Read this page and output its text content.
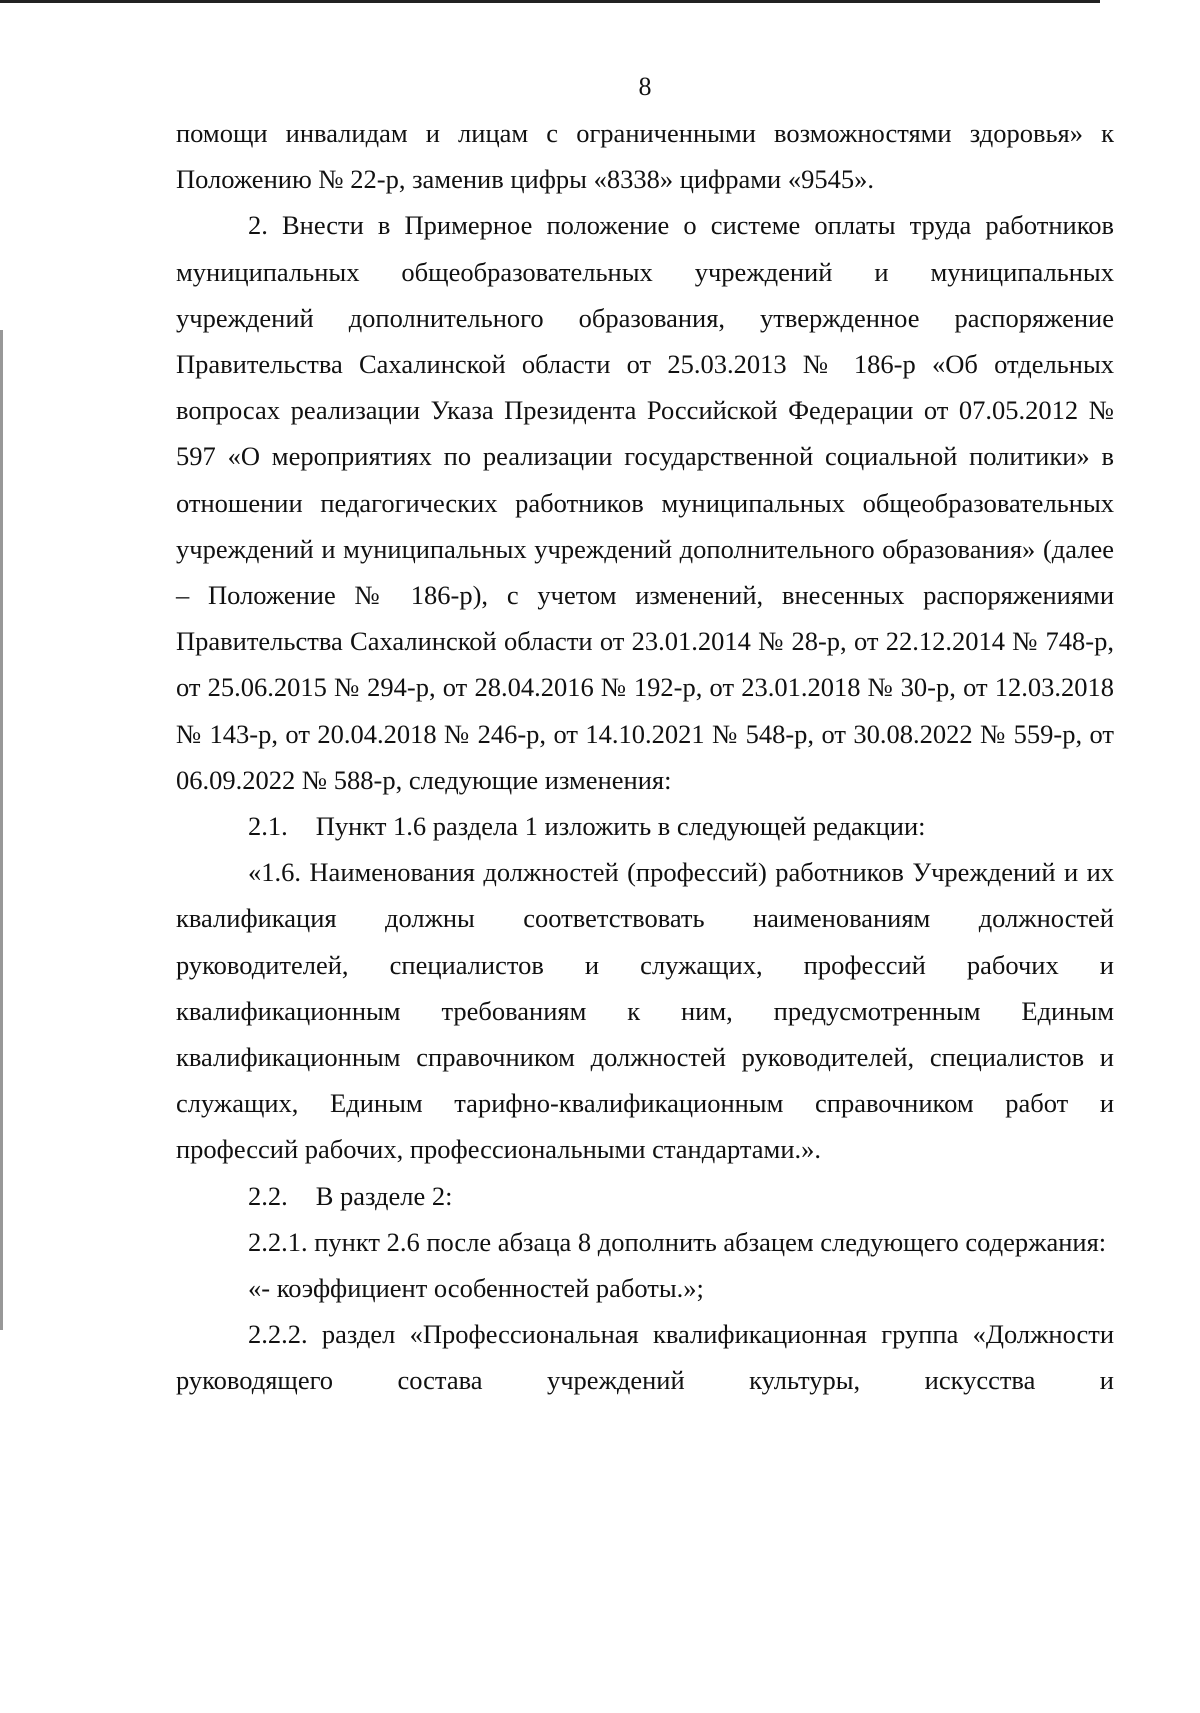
8

помощи инвалидам и лицам с ограниченными возможностями здоровья» к Положению № 22-р, заменив цифры «8338» цифрами «9545».

2. Внести в Примерное положение о системе оплаты труда работников муниципальных общеобразовательных учреждений и муниципальных учреждений дополнительного образования, утвержденное распоряжение Правительства Сахалинской области от 25.03.2013 № 186-р «Об отдельных вопросах реализации Указа Президента Российской Федерации от 07.05.2012 № 597 «О мероприятиях по реализации государственной социальной политики» в отношении педагогических работников муниципальных общеобразовательных учреждений и муниципальных учреждений дополнительного образования» (далее – Положение № 186-р), с учетом изменений, внесенных распоряжениями Правительства Сахалинской области от 23.01.2014 № 28-р, от 22.12.2014 № 748-р, от 25.06.2015 № 294-р, от 28.04.2016 № 192-р, от 23.01.2018 № 30-р, от 12.03.2018 № 143-р, от 20.04.2018 № 246-р, от 14.10.2021 № 548-р, от 30.08.2022 № 559-р, от 06.09.2022 № 588-р, следующие изменения:

2.1. Пункт 1.6 раздела 1 изложить в следующей редакции:

«1.6. Наименования должностей (профессий) работников Учреждений и их квалификация должны соответствовать наименованиям должностей руководителей, специалистов и служащих, профессий рабочих и квалификационным требованиям к ним, предусмотренным Единым квалификационным справочником должностей руководителей, специалистов и служащих, Единым тарифно-квалификационным справочником работ и профессий рабочих, профессиональными стандартами.».

2.2. В разделе 2:

2.2.1. пункт 2.6 после абзаца 8 дополнить абзацем следующего содержания:

«- коэффициент особенностей работы.»;

2.2.2. раздел «Профессиональная квалификационная группа «Должности руководящего состава учреждений культуры, искусства и
